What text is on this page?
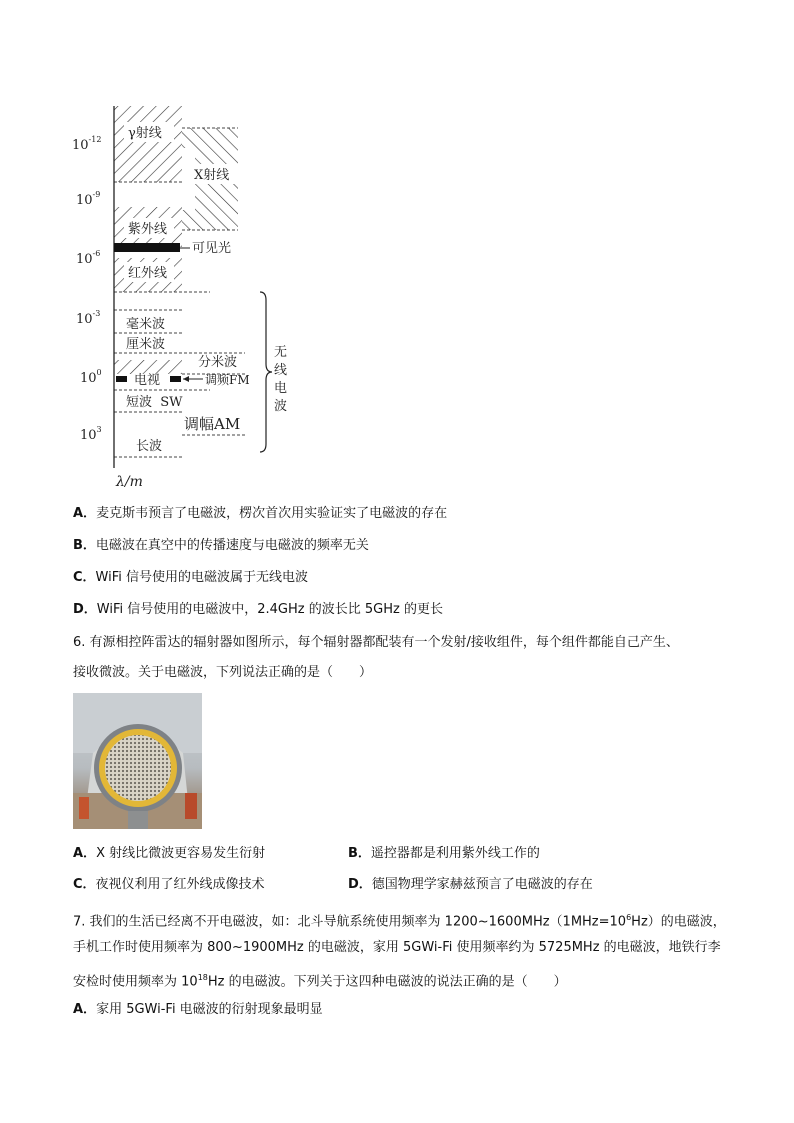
$10^{-12}$
$10^{-9}$
$10^{-6}$
$10^{-3}$
$10^0$
$10^3$
λ/m
γ射线
X射线
紫外线
可见光
红外线
毫米波
厘米波
分米波
电视	调频FM
短波  SW
调幅AM
长波
无
线
电
波
A．麦克斯韦预言了电磁波，楞次首次用实验证实了电磁波的存在
B．电磁波在真空中的传播速度与电磁波的频率无关
C．WiFi 信号使用的电磁波属于无线电波
D．WiFi 信号使用的电磁波中，2.4GHz 的波长比 5GHz 的更长
6. 有源相控阵雷达的辐射器如图所示，每个辐射器都配装有一个发射/接收组件，每个组件都能自己产生、
接收微波。关于电磁波，下列说法正确的是（　　）
A．X 射线比微波更容易发生衍射	B．遥控器都是利用紫外线工作的
C．夜视仪利用了红外线成像技术	D．德国物理学家赫兹预言了电磁波的存在
7. 我们的生活已经离不开电磁波，如：北斗导航系统使用频率为 $1200\sim 1600MHz(1MHz=10^6Hz)$的电磁波，
手机工作时使用频率为 800~1900MHz 的电磁波，家用 5GWi-Fi 使用频率约为 5725MHz 的电磁波，地铁行李
安检时使用频率为 $10^{18}Hz$ 的电磁波。下列关于这四种电磁波的说法正确的是（　　）
A．家用 5GWi-Fi 电磁波的衍射现象最明显
